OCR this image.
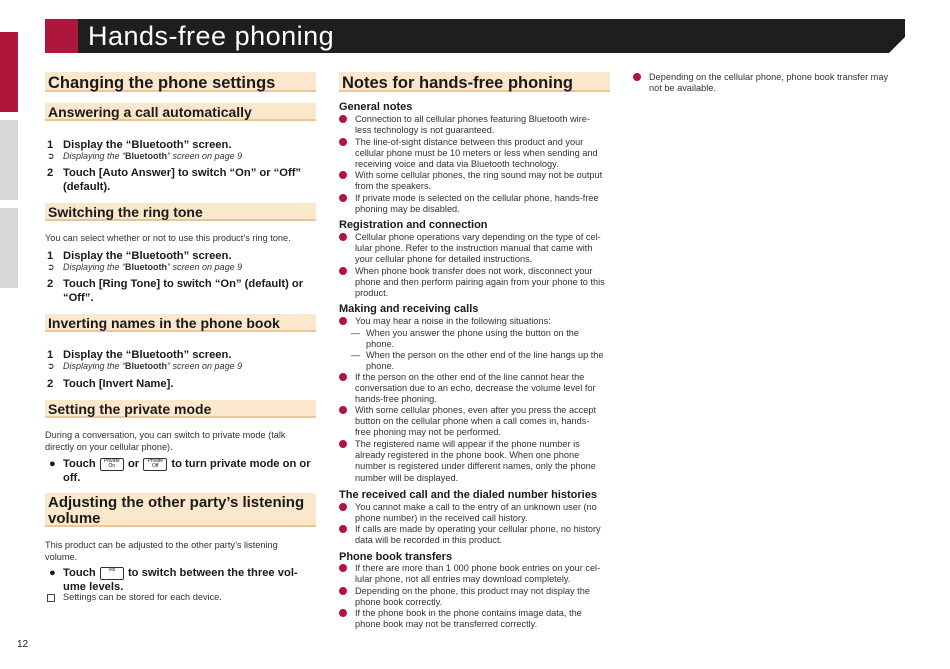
Hands-free phoning
Changing the phone settings
Answering a call automatically
1 Display the “Bluetooth” screen.
➲ Displaying the “Bluetooth” screen on page 9
2 Touch [Auto Answer] to switch “On” or “Off” (default).
Switching the ring tone
You can select whether or not to use this product’s ring tone.
1 Display the “Bluetooth” screen.
➲ Displaying the “Bluetooth” screen on page 9
2 Touch [Ring Tone] to switch “On” (default) or “Off”.
Inverting names in the phone book
1 Display the “Bluetooth” screen.
➲ Displaying the “Bluetooth” screen on page 9
2 Touch [Invert Name].
Setting the private mode
During a conversation, you can switch to private mode (talk directly on your cellular phone).
● Touch Private On or Private Off to turn private mode on or off.
Adjusting the other party’s listening volume
This product can be adjusted to the other party’s listening volume.
● Touch	Vol to switch between the three vol- ume levels.
Settings can be stored for each device.
Notes for hands-free phoning
General notes
Connection to all cellular phones featuring Bluetooth wire- less technology is not guaranteed.
The line-of-sight distance between this product and your cellular phone must be 10 meters or less when sending and receiving voice and data via Bluetooth technology.
With some cellular phones, the ring sound may not be output from the speakers.
If private mode is selected on the cellular phone, hands-free phoning may be disabled.
Registration and connection
Cellular phone operations vary depending on the type of cel- lular phone. Refer to the instruction manual that came with your cellular phone for detailed instructions.
When phone book transfer does not work, disconnect your phone and then perform pairing again from your phone to this product.
Making and receiving calls
You may hear a noise in the following situations:
— When you answer the phone using the button on the phone.
— When the person on the other end of the line hangs up the phone.
If the person on the other end of the line cannot hear the conversation due to an echo, decrease the volume level for hands-free phoning.
With some cellular phones, even after you press the accept button on the cellular phone when a call comes in, hands- free phoning may not be performed.
The registered name will appear if the phone number is already registered in the phone book. When one phone number is registered under different names, only the phone number will be displayed.
The received call and the dialed number histories
You cannot make a call to the entry of an unknown user (no phone number) in the received call history.
If calls are made by operating your cellular phone, no history data will be recorded in this product.
Phone book transfers
If there are more than 1 000 phone book entries on your cel- lular phone, not all entries may download completely.
Depending on the phone, this product may not display the phone book correctly.
If the phone book in the phone contains image data, the phone book may not be transferred correctly.
Depending on the cellular phone, phone book transfer may not be available.
12
